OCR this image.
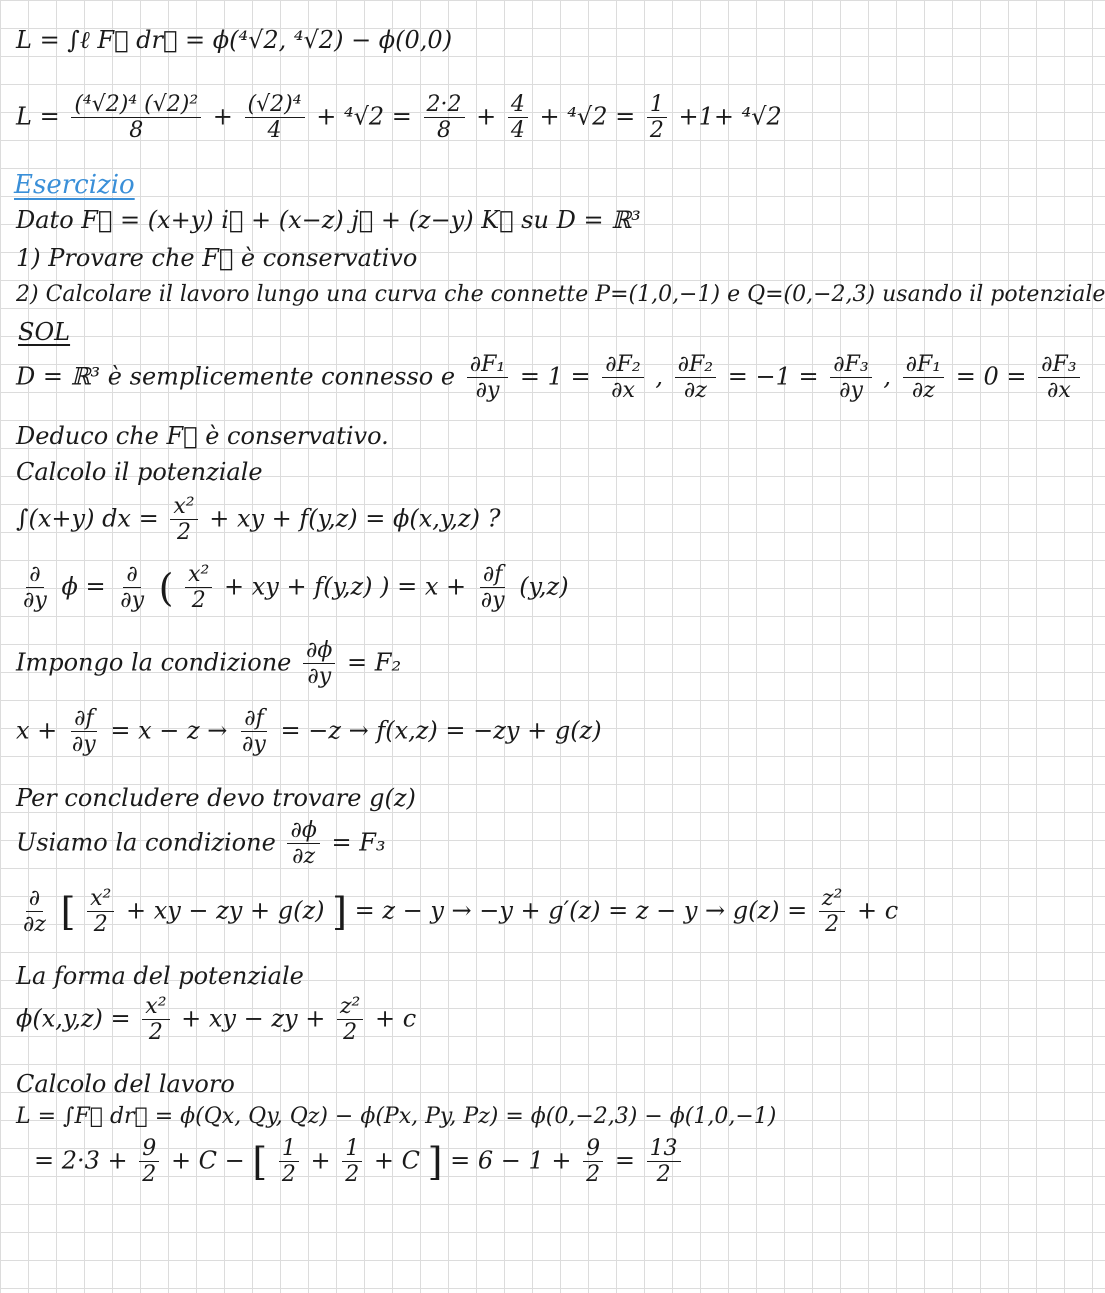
L = ∫ℓ F⃗ dr⃗ = ϕ(⁴√2, ⁴√2) − ϕ(0,0)
$L = \frac{\text{(⁴√2)⁴ (√2)²}}{8} + \frac{\text{(√2)⁴}}{4} + ^4√2 = \frac{2\cdot 2}{8} + \frac{4}{4} + ^4√2 = \frac{1}{2} +1+ ^4√2$
Esercizio
Dato F⃗ = (x+y) i⃗ + (x−z) j⃗ + (z−y) K⃗ su D = ℝ³
1) Provare che F⃗ è conservativo
2) Calcolare il lavoro lungo una curva che connette P=(1,0,−1) e Q=(0,−2,3) usando il potenziale
SOL
D = ℝ³ è semplicemente connesso e $\frac{\text{∂F₁}}{\partial y} = 1 = \frac{\text{∂F₂}}{\partial x}$ , $\frac{\text{∂F₂}}{\partial z} = -1 = \frac{\text{∂F₃}}{\partial y}$ , $\frac{\text{∂F₁}}{\partial z} = 0 = \frac{\text{∂F₃}}{\partial x}$
Deduco che F⃗ è conservativo.
Calcolo il potenziale
∫(x+y) dx = $\frac{\text{x²}}{2}$ + xy + f(y,z) = ϕ(x,y,z) ?
∂
∂y
ϕ = ∂
∂y ( $\frac{\text{x²}}{2}$ + xy + f(y,z) ) = $x + \frac{\partial f}{\partial y} (y,z)$
Impongo la condizione $\frac{\partial\phi}{\partial y} = F_2$
$x + \frac{\partial f}{\partial y} = x - z \to \frac{\partial f}{\partial y} = -z \to f(x,z) = -zy + g(z)$
Per concludere devo trovare g(z)
Usiamo la condizione $\frac{\partial\phi}{\partial z} = F_3$
∂
∂z [ $\frac{\text{x²}}{2}$ + xy − zy + g(z) ] = $z - y \to -y + g'(z) = z - y \to g(z) = \frac{\text{z²}}{2} + c$
La forma del potenziale
$\phi(x,y,z) = \frac{\text{x²}}{2}$ + xy − zy + $\frac{\text{z²}}{2} + c$
Calcolo del lavoro
L = ∫F⃗ dr⃗ = ϕ(Qx, Qy, Qz) − ϕ(Px, Py, Pz) = ϕ(0,−2,3) − ϕ(1,0,−1)
= $2\cdot 3 + \frac{9}{2} + C$ − [ $\frac{1}{2} + \frac{1}{2} + C$ ] = $6 - 1 + \frac{9}{2} = \frac{13}{2}$
